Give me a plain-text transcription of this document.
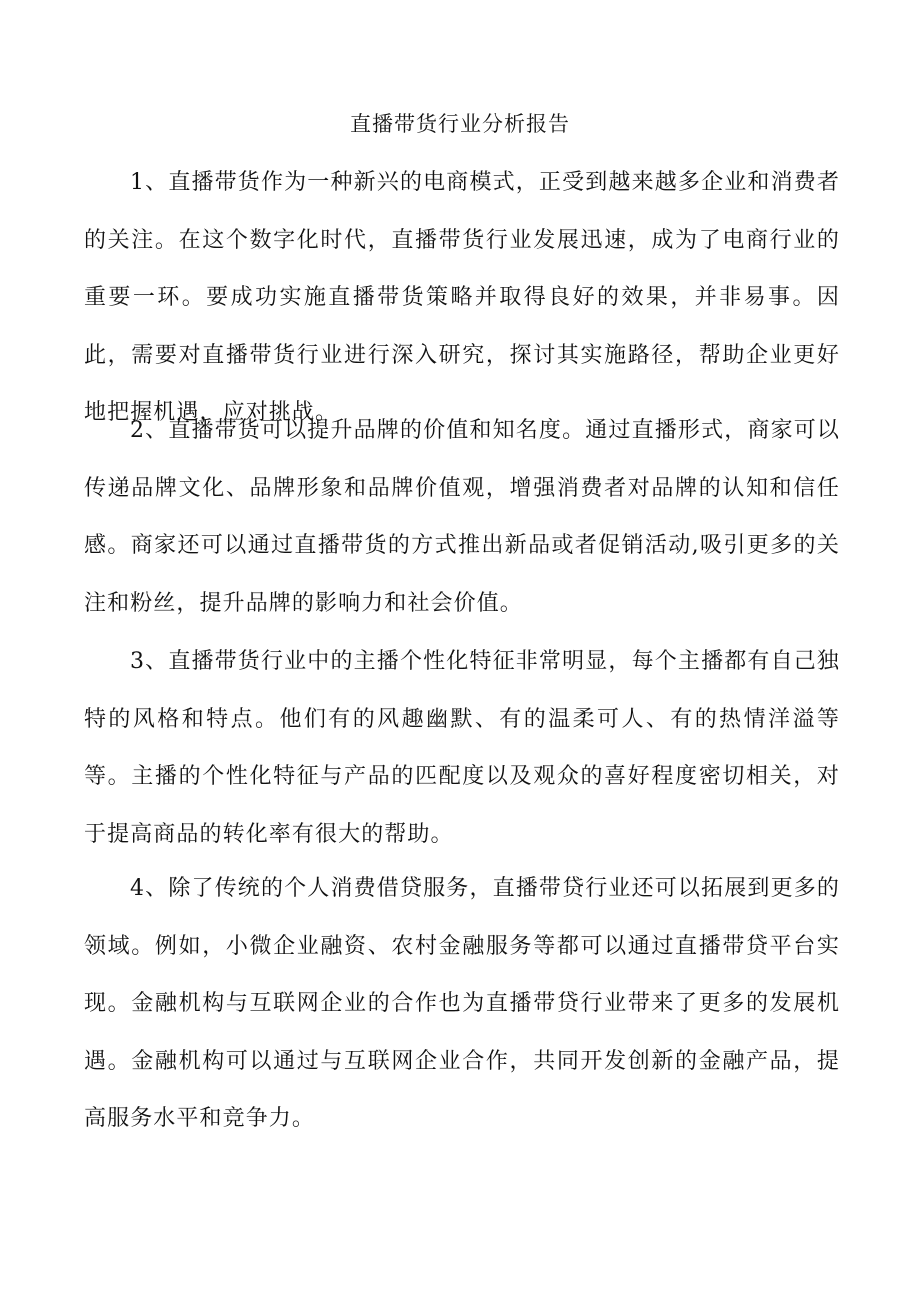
直播带货行业分析报告

1、直播带货作为一种新兴的电商模式，正受到越来越多企业和消费者的关注。在这个数字化时代，直播带货行业发展迅速，成为了电商行业的重要一环。要成功实施直播带货策略并取得良好的效果，并非易事。因此，需要对直播带货行业进行深入研究，探讨其实施路径，帮助企业更好地把握机遇，应对挑战。

2、直播带货可以提升品牌的价值和知名度。通过直播形式，商家可以传递品牌文化、品牌形象和品牌价值观，增强消费者对品牌的认知和信任感。商家还可以通过直播带货的方式推出新品或者促销活动,吸引更多的关注和粉丝，提升品牌的影响力和社会价值。

3、直播带货行业中的主播个性化特征非常明显，每个主播都有自己独特的风格和特点。他们有的风趣幽默、有的温柔可人、有的热情洋溢等等。主播的个性化特征与产品的匹配度以及观众的喜好程度密切相关，对于提高商品的转化率有很大的帮助。

4、除了传统的个人消费借贷服务，直播带贷行业还可以拓展到更多的领域。例如，小微企业融资、农村金融服务等都可以通过直播带贷平台实现。金融机构与互联网企业的合作也为直播带贷行业带来了更多的发展机遇。金融机构可以通过与互联网企业合作，共同开发创新的金融产品，提高服务水平和竞争力。
